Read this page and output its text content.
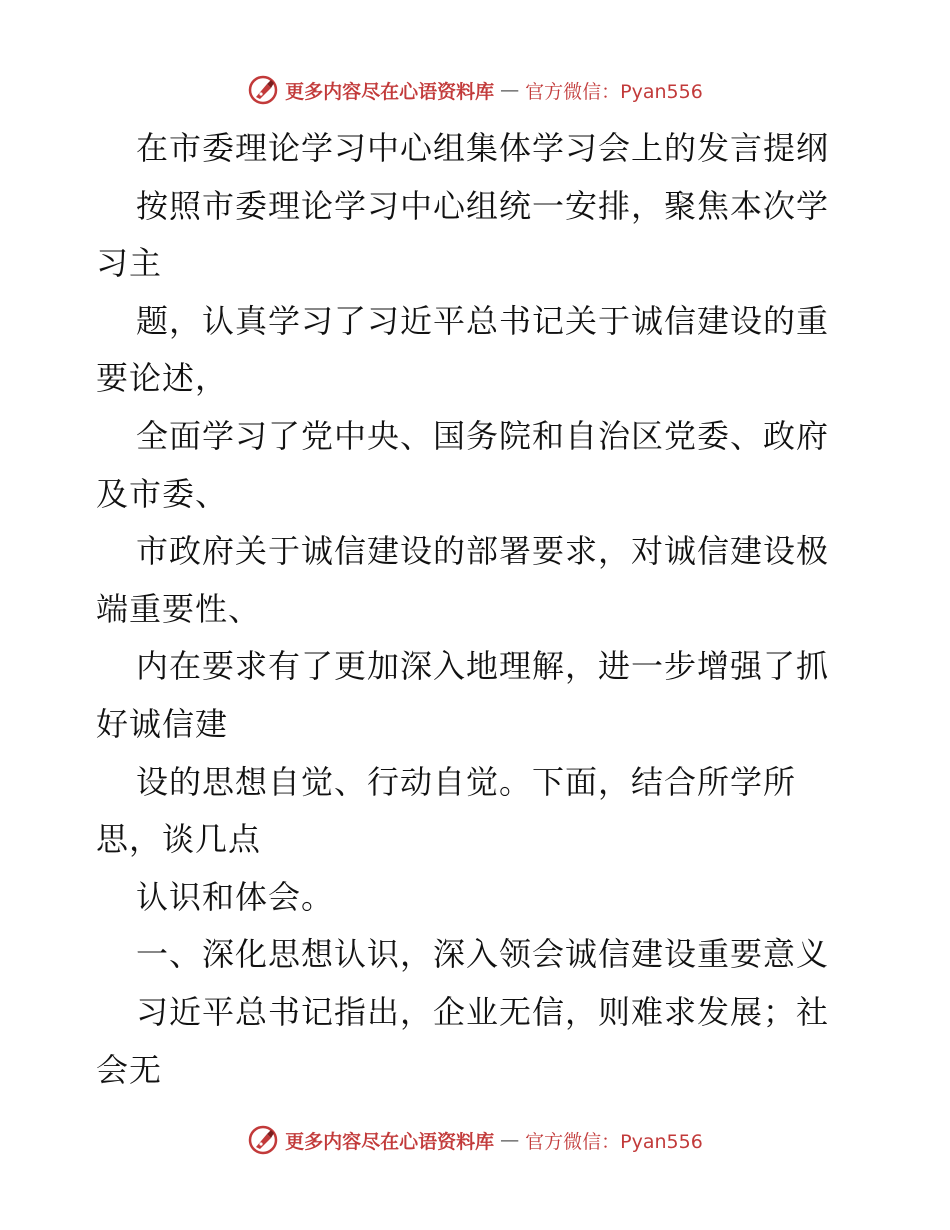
更多内容尽在心语资料库 — 官方微信：Pyan556
在市委理论学习中心组集体学习会上的发言提纲
按照市委理论学习中心组统一安排，聚焦本次学
习主
题，认真学习了习近平总书记关于诚信建设的重
要论述，
全面学习了党中央、国务院和自治区党委、政府
及市委、
市政府关于诚信建设的部署要求，对诚信建设极
端重要性、
内在要求有了更加深入地理解，进一步增强了抓
好诚信建
设的思想自觉、行动自觉。下面，结合所学所
思，谈几点
认识和体会。
一、深化思想认识，深入领会诚信建设重要意义
习近平总书记指出，企业无信，则难求发展；社
会无
更多内容尽在心语资料库 — 官方微信：Pyan556
